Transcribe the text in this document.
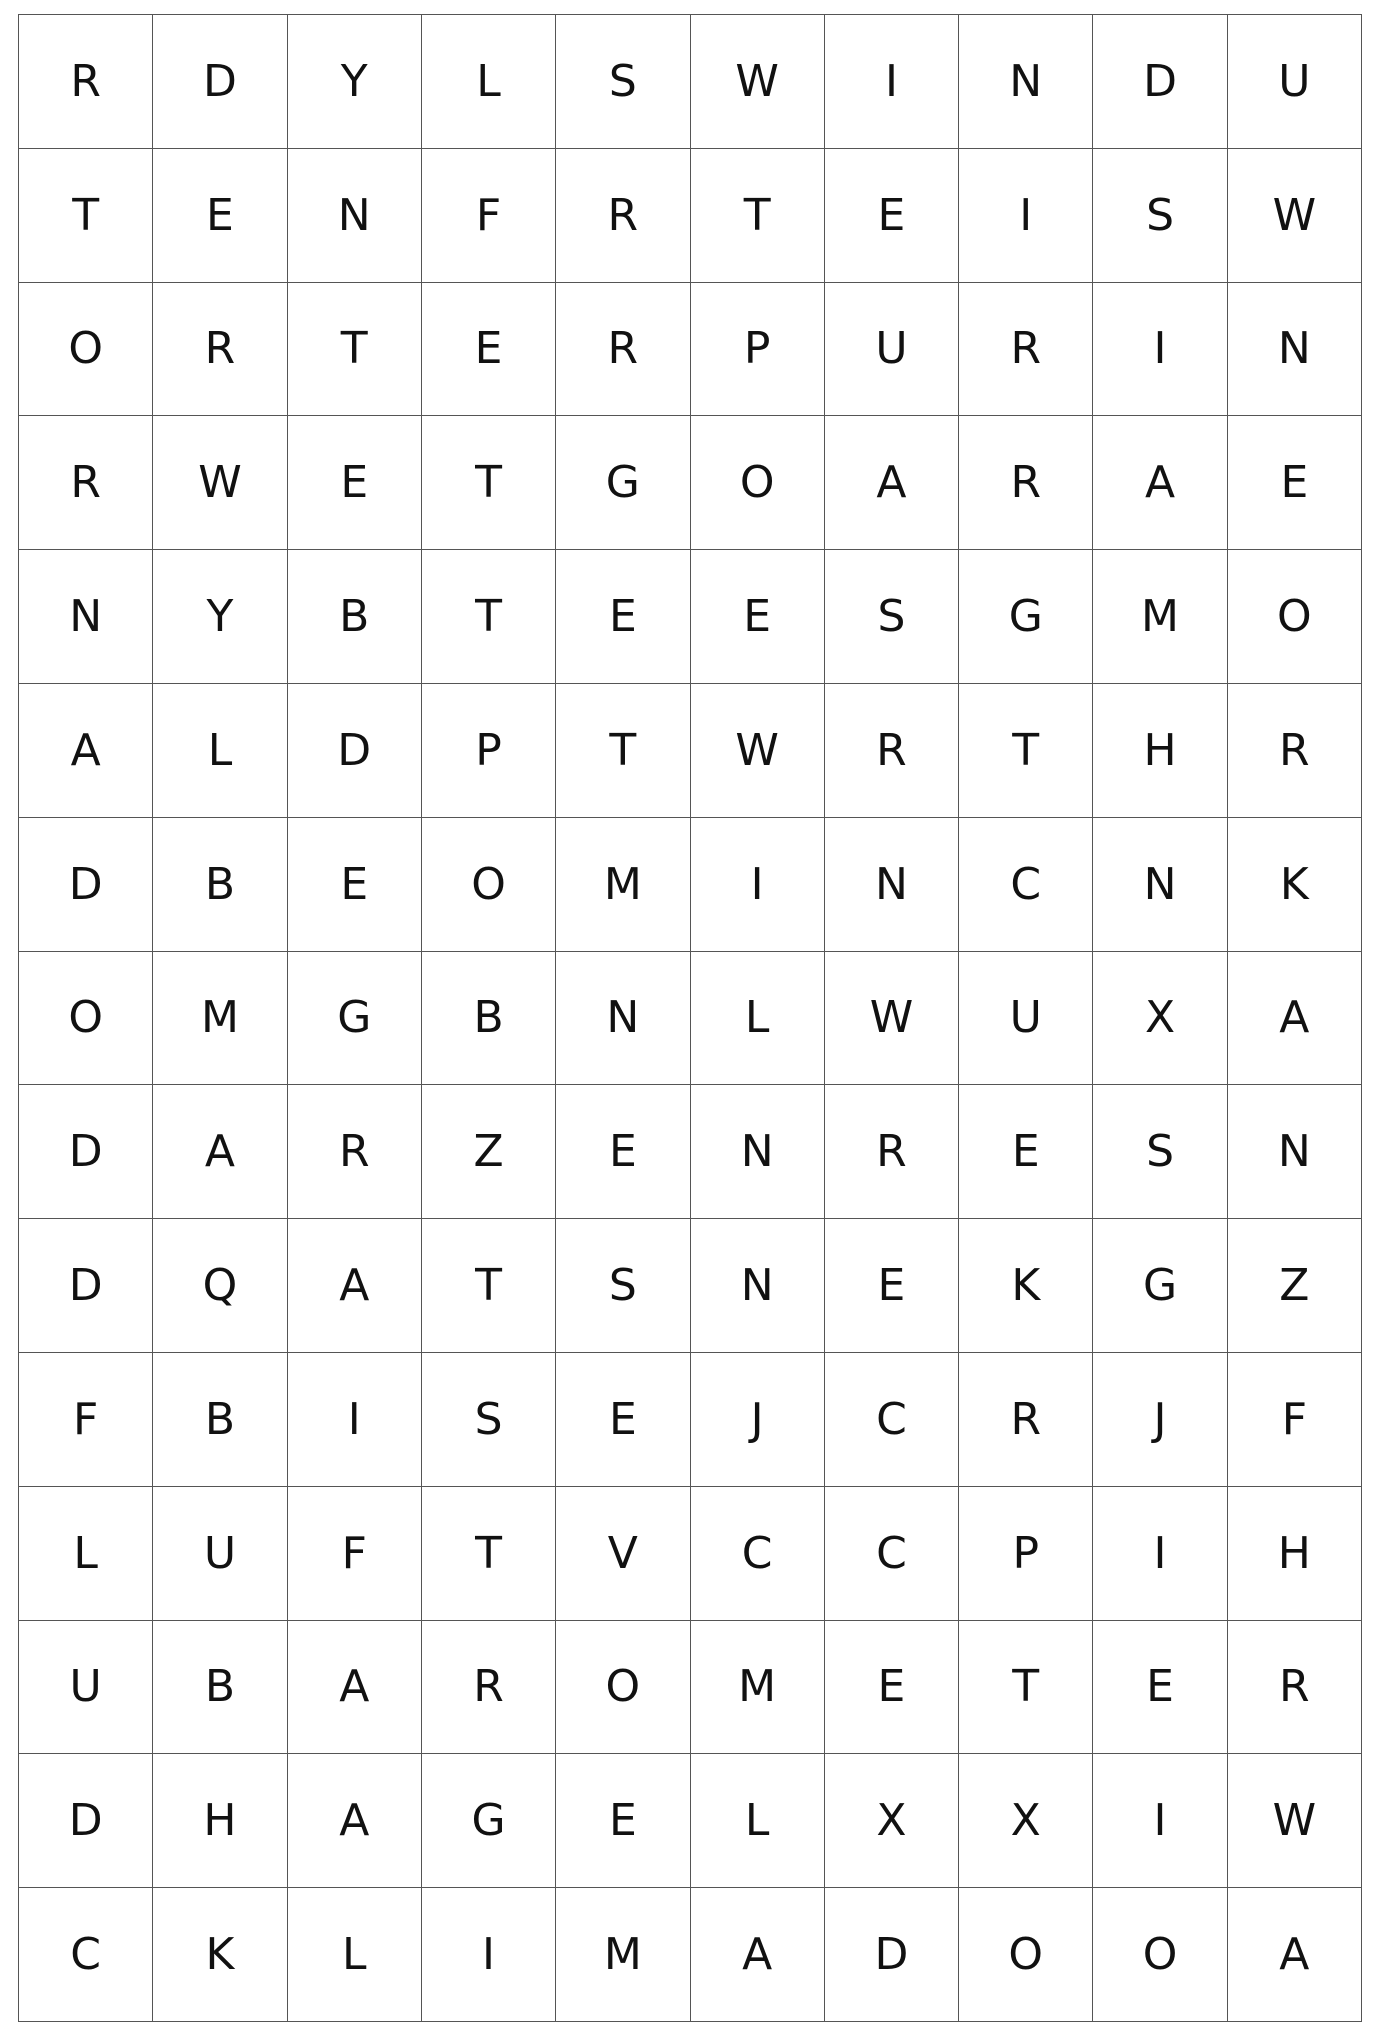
R	D	Y	L	S	W	I	N	D	U
T	E	N	F	R	T	E	I	S	W
O	R	T	E	R	P	U	R	I	N
R	W	E	T	G	O	A	R	A	E
N	Y	B	T	E	E	S	G	M	O
A	L	D	P	T	W	R	T	H	R
D	B	E	O	M	I	N	C	N	K
O	M	G	B	N	L	W	U	X	A
D	A	R	Z	E	N	R	E	S	N
D	Q	A	T	S	N	E	K	G	Z
F	B	I	S	E	J	C	R	J	F
L	U	F	T	V	C	C	P	I	H
U	B	A	R	O	M	E	T	E	R
D	H	A	G	E	L	X	X	I	W
C	K	L	I	M	A	D	O	O	A
